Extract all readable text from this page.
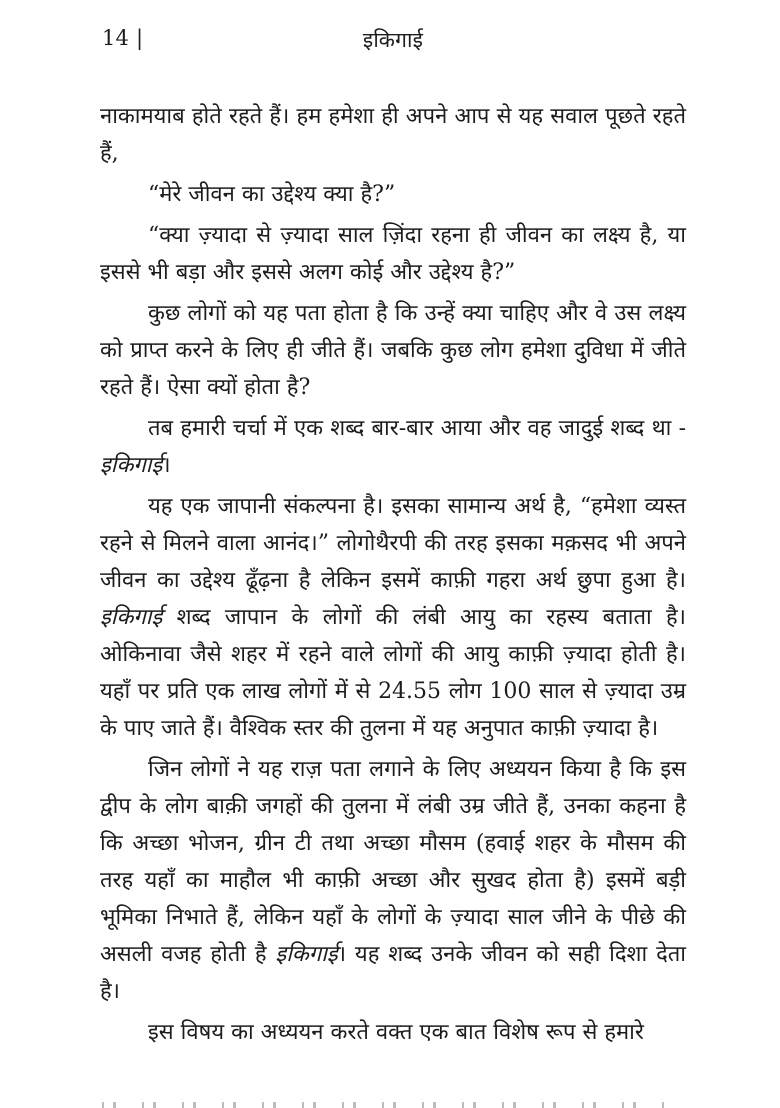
14 |	इकिगाई

नाकामयाब होते रहते हैं। हम हमेशा ही अपने आप से यह सवाल पूछते रहते हैं,

“मेरे जीवन का उद्देश्य क्या है?”

“क्या ज़्यादा से ज़्यादा साल ज़िंदा रहना ही जीवन का लक्ष्य है, या इससे भी बड़ा और इससे अलग कोई और उद्देश्य है?”

कुछ लोगों को यह पता होता है कि उन्हें क्या चाहिए और वे उस लक्ष्य को प्राप्त करने के लिए ही जीते हैं। जबकि कुछ लोग हमेशा दुविधा में जीते रहते हैं। ऐसा क्यों होता है?

तब हमारी चर्चा में एक शब्द बार-बार आया और वह जादुई शब्द था - इकिगाई।

यह एक जापानी संकल्पना है। इसका सामान्य अर्थ है, “हमेशा व्यस्त रहने से मिलने वाला आनंद।” लोगोथैरपी की तरह इसका मक़सद भी अपने जीवन का उद्देश्य ढूँढ़ना है लेकिन इसमें काफ़ी गहरा अर्थ छुपा हुआ है। इकिगाई शब्द जापान के लोगों की लंबी आयु का रहस्य बताता है। ओकिनावा जैसे शहर में रहने वाले लोगों की आयु काफ़ी ज़्यादा होती है। यहाँ पर प्रति एक लाख लोगों में से 24.55 लोग 100 साल से ज़्यादा उम्र के पाए जाते हैं। वैश्विक स्तर की तुलना में यह अनुपात काफ़ी ज़्यादा है।

जिन लोगों ने यह राज़ पता लगाने के लिए अध्ययन किया है कि इस द्वीप के लोग बाक़ी जगहों की तुलना में लंबी उम्र जीते हैं, उनका कहना है कि अच्छा भोजन, ग्रीन टी तथा अच्छा मौसम (हवाई शहर के मौसम की तरह यहाँ का माहौल भी काफ़ी अच्छा और सुखद होता है) इसमें बड़ी भूमिका निभाते हैं, लेकिन यहाँ के लोगों के ज़्यादा साल जीने के पीछे की असली वजह होती है इकिगाई। यह शब्द उनके जीवन को सही दिशा देता है।

इस विषय का अध्ययन करते वक्त एक बात विशेष रूप से हमारे
